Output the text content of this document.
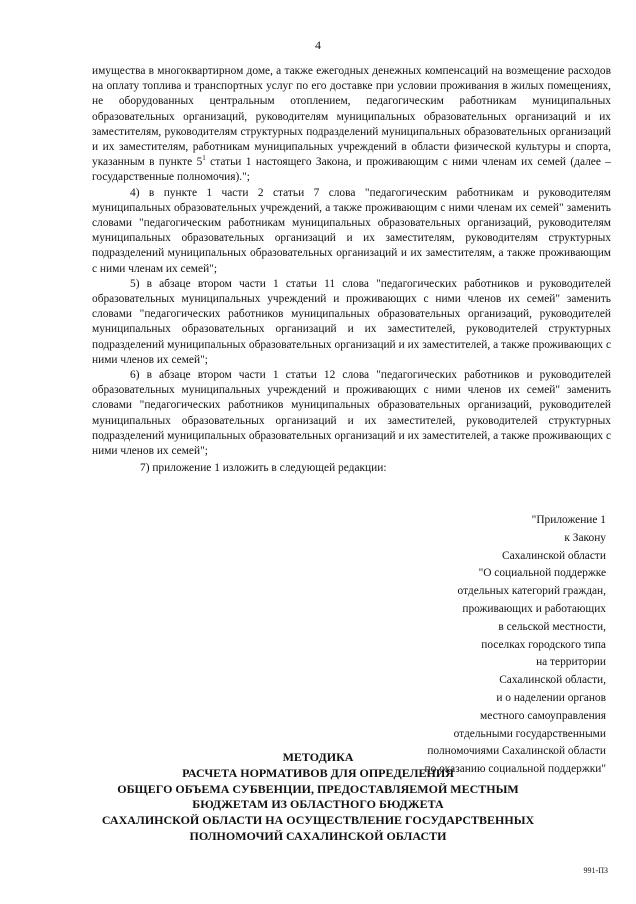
4

имущества в многоквартирном доме, а также ежегодных денежных компенсаций на возмещение расходов на оплату топлива и транспортных услуг по его доставке при условии проживания в жилых помещениях, не оборудованных центральным отоплением, педагогическим работникам муниципальных образовательных организаций, руководителям муниципальных образовательных организаций и их заместителям, руководителям структурных подразделений муниципальных образовательных организаций и их заместителям, работникам муниципальных учреждений в области физической культуры и спорта, указанным в пункте $5^1$ статьи 1 настоящего Закона, и проживающим с ними членам их семей (далее – государственные полномочия).";

4) в пункте 1 части 2 статьи 7 слова "педагогическим работникам и руководителям муниципальных образовательных учреждений, а также проживающим с ними членам их семей" заменить словами "педагогическим работникам муниципальных образовательных организаций, руководителям муниципальных образовательных организаций и их заместителям, руководителям структурных подразделений муниципальных образовательных организаций и их заместителям, а также проживающим с ними членам их семей";

5) в абзаце втором части 1 статьи 11 слова "педагогических работников и руководителей образовательных муниципальных учреждений и проживающих с ними членов их семей" заменить словами "педагогических работников муниципальных образовательных организаций, руководителей муниципальных образовательных организаций и их заместителей, руководителей структурных подразделений муниципальных образовательных организаций и их заместителей, а также проживающих с ними членов их семей";

6) в абзаце втором части 1 статьи 12 слова "педагогических работников и руководителей образовательных муниципальных учреждений и проживающих с ними членов их семей" заменить словами "педагогических работников муниципальных образовательных организаций, руководителей муниципальных образовательных организаций и их заместителей, руководителей структурных подразделений муниципальных образовательных организаций и их заместителей, а также проживающих с ними членов их семей";

7) приложение 1 изложить в следующей редакции:

"Приложение 1
к Закону
Сахалинской области
"О социальной поддержке
отдельных категорий граждан,
проживающих и работающих
в сельской местности,
поселках городского типа
на территории
Сахалинской области,
и о наделении органов
местного самоуправления
отдельными государственными
полномочиями Сахалинской области
по оказанию социальной поддержки"
МЕТОДИКА
РАСЧЕТА НОРМАТИВОВ ДЛЯ ОПРЕДЕЛЕНИЯ
ОБЩЕГО ОБЪЕМА СУБВЕНЦИИ, ПРЕДОСТАВЛЯЕМОЙ МЕСТНЫМ
БЮДЖЕТАМ ИЗ ОБЛАСТНОГО БЮДЖЕТА
САХАЛИНСКОЙ ОБЛАСТИ НА ОСУЩЕСТВЛЕНИЕ ГОСУДАРСТВЕННЫХ
ПОЛНОМОЧИЙ САХАЛИНСКОЙ ОБЛАСТИ
991-ПЗ
